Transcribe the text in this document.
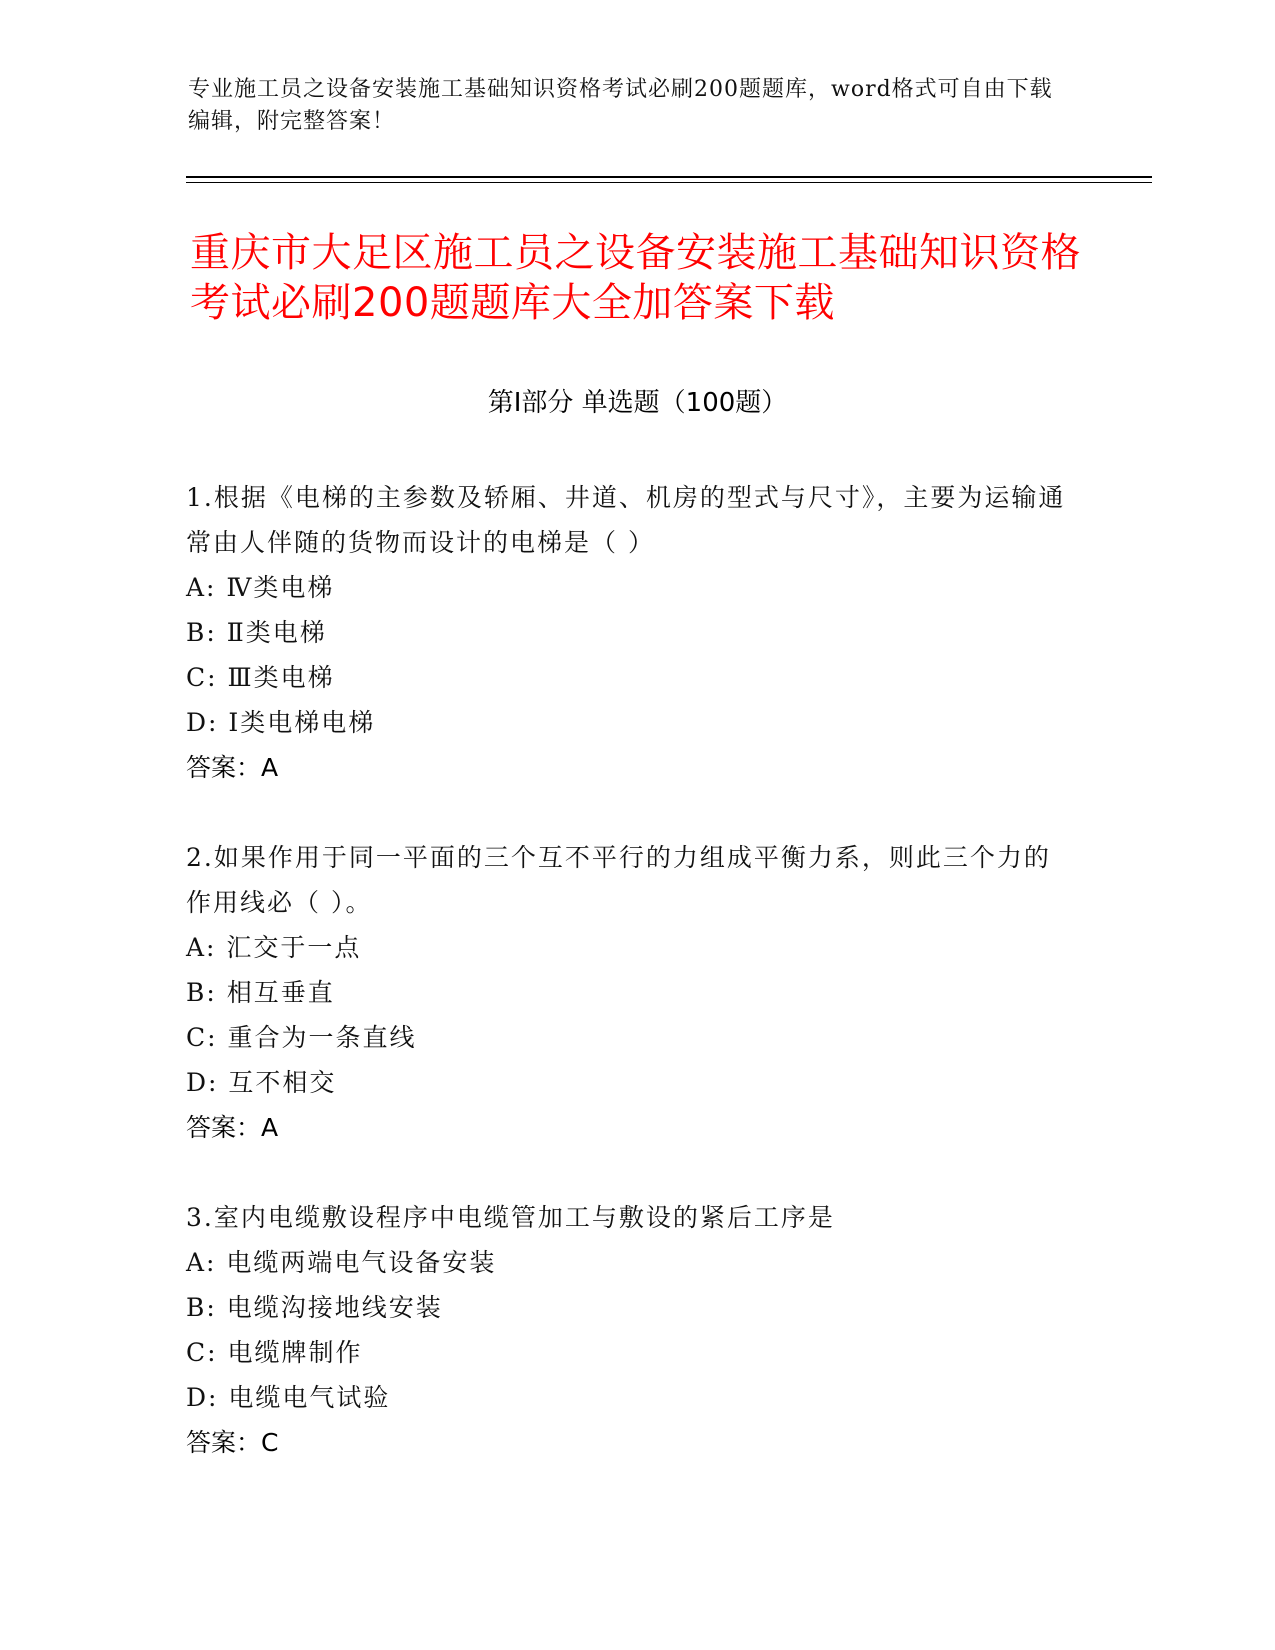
专业施工员之设备安装施工基础知识资格考试必刷200题题库，word格式可自由下载编辑，附完整答案！
重庆市大足区施工员之设备安装施工基础知识资格考试必刷200题题库大全加答案下载
第Ⅰ部分 单选题（100题）
1.根据《电梯的主参数及轿厢、井道、机房的型式与尺寸》，主要为运输通常由人伴随的货物而设计的电梯是（ ）
A: Ⅳ类电梯
B: Ⅱ类电梯
C: Ⅲ类电梯
D: Ⅰ类电梯电梯
答案：A
2.如果作用于同一平面的三个互不平行的力组成平衡力系，则此三个力的作用线必（ ）。
A: 汇交于一点
B: 相互垂直
C: 重合为一条直线
D: 互不相交
答案：A
3.室内电缆敷设程序中电缆管加工与敷设的紧后工序是
A: 电缆两端电气设备安装
B: 电缆沟接地线安装
C: 电缆牌制作
D: 电缆电气试验
答案：C
